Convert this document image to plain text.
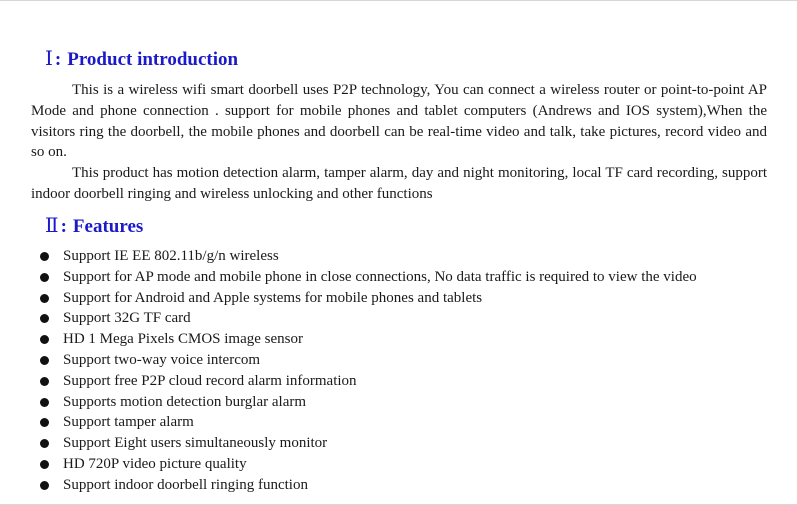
Ⅰ : Product introduction

This is a wireless wifi smart doorbell uses P2P technology, You can connect a wireless router or point-to-point AP Mode and phone connection . support for mobile phones and tablet computers (Andrews and IOS system),When the visitors ring the doorbell, the mobile phones and doorbell can be real-time video and talk, take pictures, record video and so on.

This product has motion detection alarm, tamper alarm, day and night monitoring, local TF card recording, support indoor doorbell ringing and wireless unlocking and other functions

Ⅱ : Features
Support IE EE 802.11b/g/n wireless
Support for AP mode and mobile phone in close connections, No data traffic is required to view the video
Support for Android and Apple systems for mobile phones and tablets
Support 32G TF card
HD 1 Mega Pixels CMOS image sensor
Support two-way voice intercom
Support free P2P cloud record alarm information
Supports motion detection burglar alarm
Support tamper alarm
Support Eight users simultaneously monitor
HD 720P video picture quality
Support indoor doorbell ringing function
